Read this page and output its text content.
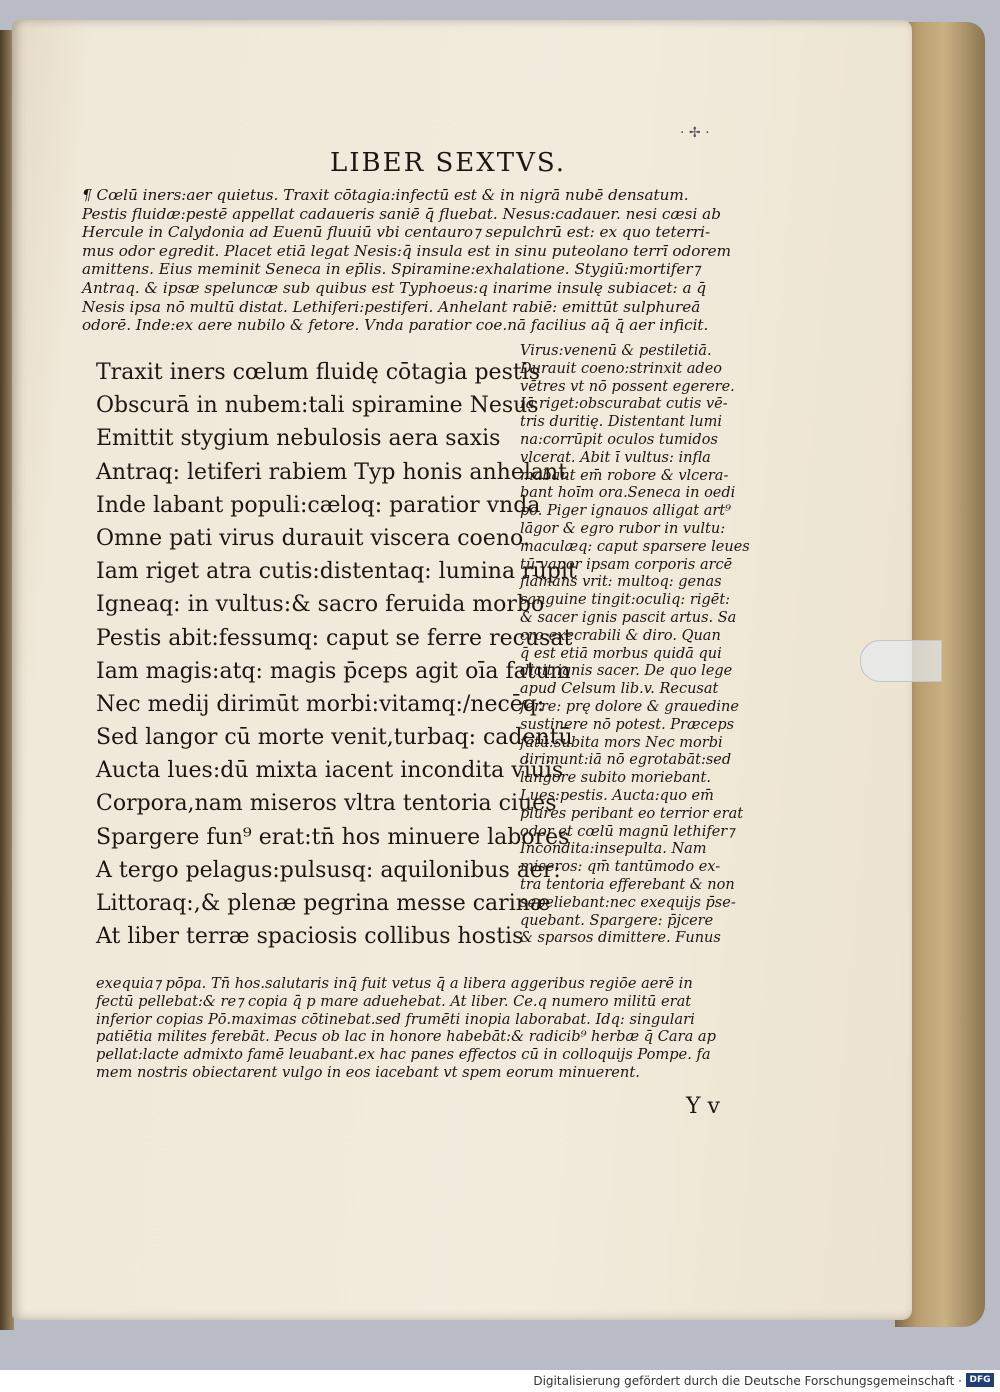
· ✢ ·
LIBER SEXTVS.
¶ Cœlū iners:aer quietus. Traxit cōtagia:infectū est & in nigrā nubē densatum.
Pestis fluidæ:pestē appellat cadaueris saniē q̄ fluebat. Nesus:cadauer. nesi cæsi ab
Hercule in Calydonia ad Euenū fluuiū vbi centauro⁊ sepulchrū est: ex quo teterri-
mus odor egredit. Placet etiā legat Nesis:q̄ insula est in sinu puteolano terrī odorem
amittens. Eius meminit Seneca in ep̄lis. Spiramine:exhalatione. Stygiū:mortifer⁊
Antraq. & ipsæ speluncæ sub quibus est Typhoeus:q inarime insulę subiacet: a q̄
Nesis ipsa nō multū distat. Lethiferi:pestiferi. Anhelant rabiē: emittūt sulphureā
odorē. Inde:ex aere nubilo & fetore. Vnda paratior coe.nā facilius aq̄ q̄ aer inficit.
Traxit iners cœlum fluidę cōtagia pestis
Obscurā in nubem:tali spiramine Nesus
Emittit stygium nebulosis aera saxis
Antraq: letiferi rabiem Typ honis anhelant
Inde labant populi:cæloq: paratior vnda
Omne pati virus durauit viscera coeno.
Iam riget atra cutis:distentaq: lumina rūpit
Igneaq: in vultus:& sacro feruida morbo
Pestis abit:fessumq: caput se ferre recusat
Iam magis:atq: magis p̄ceps agit oīa fatum
Nec medij dirimūt morbi:vitamq:/necēq:
Sed langor cū morte venit,turbaq: cadentū
Aucta lues:dū mixta iacent incondita viuis
Corpora,nam miseros vltra tentoria ciues
Spargere fun⁹ erat:tn̄ hos minuere labores
A tergo pelagus:pulsusq: aquilonibus aer:
Littoraq:,& plenæ pegrina messe carinæ
At liber terræ spaciosis collibus hostis
Virus:venenū & pestiletiā.
Durauit coeno:strinxit adeo
vētres vt nō possent egerere.
Iā riget:obscurabat cutis vē-
tris duritię. Distentant lumi
na:corrūpit oculos tumidos
vlcerat. Abit ī vultus: infla
mabant em̄ robore & vlcera-
bant hoīm ora.Seneca in oedi
po. Piger ignauos alligat art⁹
lāgor & egro rubor in vultu:
maculæq: caput sparsere leues
tū vapor ipsam corporis arcē
flāmans vrit: multoq: genas
sanguine tingit:oculiq: rigēt:
& sacer ignis pascit artus. Sa
cro:execrabili & diro. Quan
q̄ est etiā morbus quidā qui
dicit ignis sacer. De quo lege
apud Celsum lib.v. Recusat
ferre: prę dolore & grauedine
sustinere nō potest. Præceps
fatū:subita mors Nec morbi
dirimunt:iā nō egrotabāt:sed
langore subito moriebant.
Lues:pestis. Aucta:quo em̄
plures peribant eo terrior erat
odor et cœlū magnū lethifer⁊
Incondita:insepulta. Nam
miseros: qm̄ tantūmodo ex-
tra tentoria efferebant & non
sepeliebant:nec exequijs p̄se-
quebant. Spargere: p̄jcere
& sparsos dimittere. Funus
exequia⁊ pōpa. Tn̄ hos.salutaris inq̄ fuit vetus q̄ a libera aggeribus regiōe aerē in
fectū pellebat:& re⁊ copia q̄ p mare aduehebat. At liber. Ce.q numero militū erat
inferior copias Pō.maximas cōtinebat.sed frumēti inopia laborabat. Idq: singulari
patiētia milites ferebāt. Pecus ob lac in honore habebāt:& radicib⁹ herbæ q̄ Cara ap
pellat:lacte admixto famē leuabant.ex hac panes effectos cū in colloquijs Pompe. fa
mem nostris obiectarent vulgo in eos iacebant vt spem eorum minuerent.
Y v
Digitalisierung gefördert durch die Deutsche Forschungsgemeinschaft · DFG
